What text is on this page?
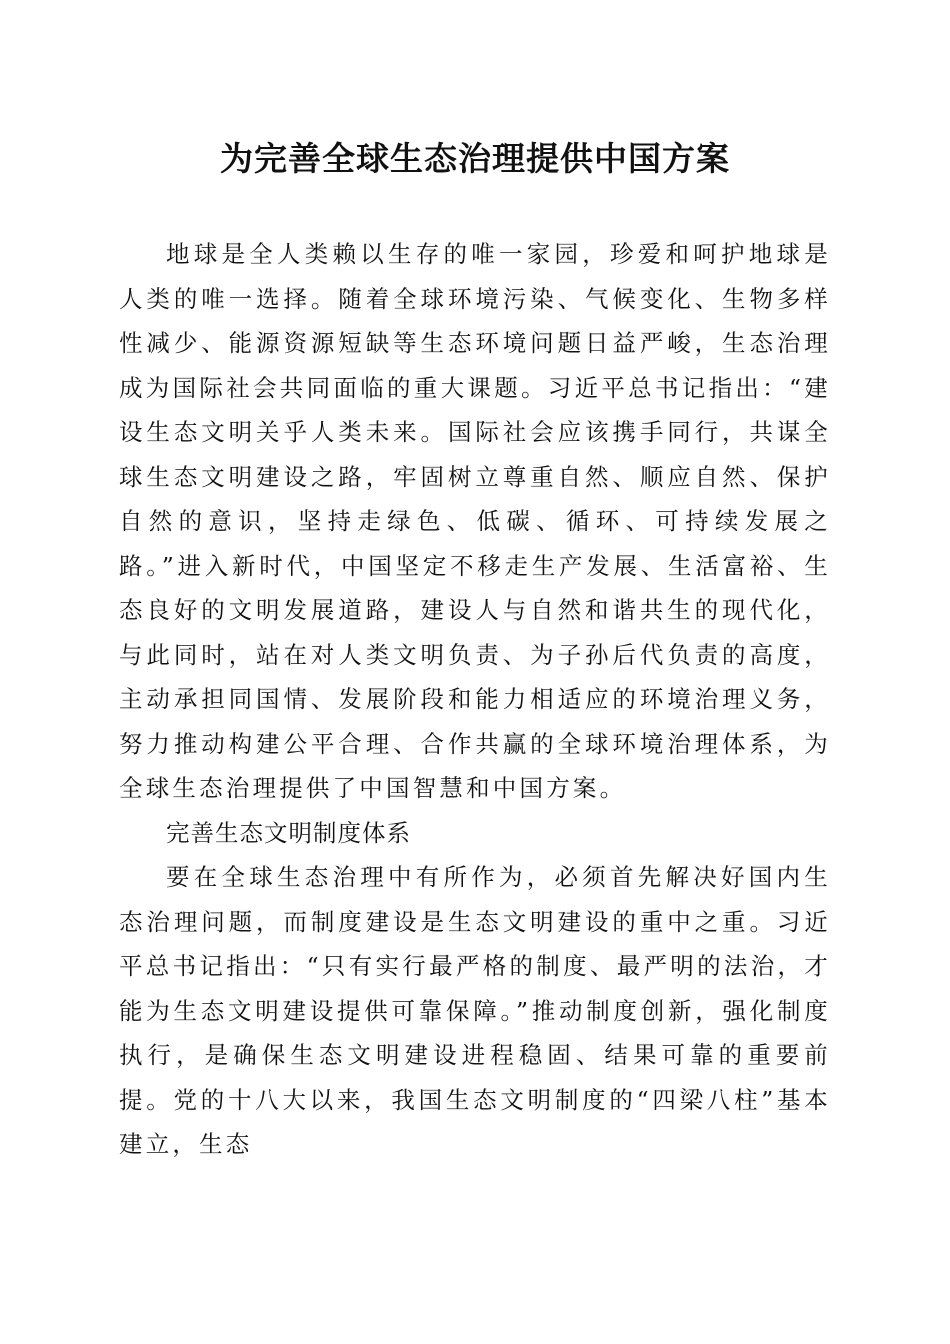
为完善全球生态治理提供中国方案

地球是全人类赖以生存的唯一家园，珍爱和呵护地球是人类的唯一选择。随着全球环境污染、气候变化、生物多样性减少、能源资源短缺等生态环境问题日益严峻，生态治理成为国际社会共同面临的重大课题。习近平总书记指出：“建设生态文明关乎人类未来。国际社会应该携手同行，共谋全球生态文明建设之路，牢固树立尊重自然、顺应自然、保护自然的意识，坚持走绿色、低碳、循环、可持续发展之路。”进入新时代，中国坚定不移走生产发展、生活富裕、生态良好的文明发展道路，建设人与自然和谐共生的现代化，与此同时，站在对人类文明负责、为子孙后代负责的高度，主动承担同国情、发展阶段和能力相适应的环境治理义务，努力推动构建公平合理、合作共赢的全球环境治理体系，为全球生态治理提供了中国智慧和中国方案。

完善生态文明制度体系

要在全球生态治理中有所作为，必须首先解决好国内生态治理问题，而制度建设是生态文明建设的重中之重。习近平总书记指出：“只有实行最严格的制度、最严明的法治，才能为生态文明建设提供可靠保障。”推动制度创新，强化制度执行，是确保生态文明建设进程稳固、结果可靠的重要前提。党的十八大以来，我国生态文明制度的“四梁八柱”基本建立，生态
